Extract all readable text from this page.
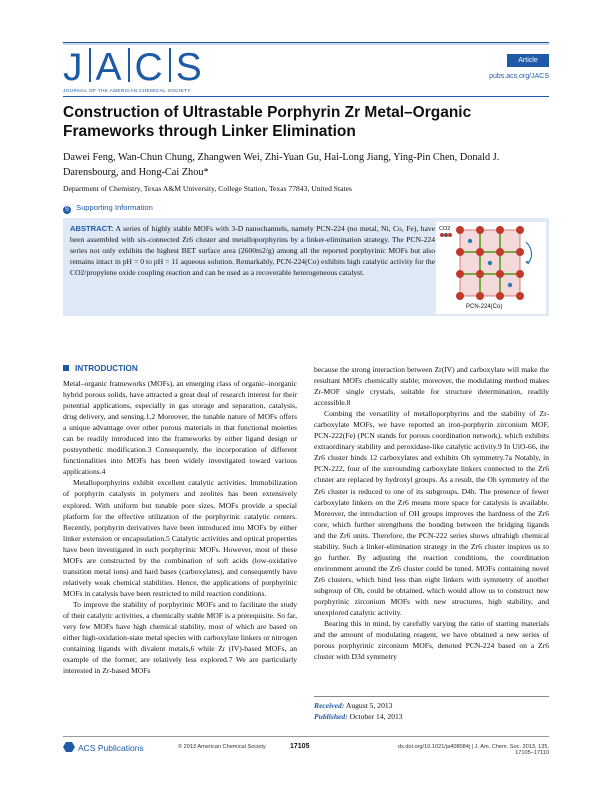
J A C S
JOURNAL OF THE AMERICAN CHEMICAL SOCIETY
Article
pubs.acs.org/JACS
Construction of Ultrastable Porphyrin Zr Metal–Organic Frameworks through Linker Elimination
Dawei Feng, Wan-Chun Chung, Zhangwen Wei, Zhi-Yuan Gu, Hai-Long Jiang, Ying-Pin Chen, Donald J. Darensbourg, and Hong-Cai Zhou*
Department of Chemistry, Texas A&M University, College Station, Texas 77843, United States
S Supporting Information
ABSTRACT: A series of highly stable MOFs with 3-D nanochannels, namely PCN-224 (no metal, Ni, Co, Fe), have been assembled with six-connected Zr6 cluster and metalloporphyrins by a linker-elimination strategy. The PCN-224 series not only exhibits the highest BET surface area (2600m2/g) among all the reported porphyrinic MOFs but also remains intact in pH = 0 to pH = 11 aqueous solution. Remarkably, PCN-224(Co) exhibits high catalytic activity for the CO2/propylene oxide coupling reaction and can be used as a recoverable heterogeneous catalyst.
CO2
PCN-224(Co)
INTRODUCTION

Metal–organic frameworks (MOFs), an emerging class of organic–inorganic hybrid porous solids, have attracted a great deal of research interest for their potential applications, especially in gas storage and separation, catalysis, drug delivery, and sensing.1,2 Moreover, the tunable nature of MOFs offers a unique advantage over other porous materials in that functional moieties can be readily introduced into the frameworks by either ligand design or postsynthetic modification.3 Consequently, the incorporation of different functionalities into MOFs has been widely investigated toward various applications.4

Metalloporphyrins exhibit excellent catalytic activities. Immobilization of porphyrin catalysts in polymers and zeolites has been extensively explored. With uniform but tunable pore sizes, MOFs provide a special platform for the effective utilization of the porphyrinic catalytic centers. Recently, porphyrin derivatives have been introduced into MOFs by either linker extension or encapsulation.5 Catalytic activities and optical properties have been investigated in such porphyrinic MOFs. However, most of these MOFs are constructed by the combination of soft acids (low-oxidative transition metal ions) and hard bases (carboxylates), and consequently have relatively weak chemical stabilities. Hence, the applications of porphyrinic MOFs in catalysis have been restricted to mild reaction conditions.

To improve the stability of porphyrinic MOFs and to facilitate the study of their catalytic activities, a chemically stable MOF is a prerequisite. So far, very few MOFs have high chemical stability, most of which are based on either high-oxidation-state metal species with carboxylate linkers or nitrogen containing ligands with divalent metals,6 while Zr (IV)-based MOFs, an example of the former, are relatively less explored.7 We are particularly interested in Zr-based MOFs

because the strong interaction between Zr(IV) and carboxylate will make the resultant MOFs chemically stable; moreover, the modulating method makes Zr-MOF single crystals, suitable for structure determination, readily accessible.8

Combing the versatility of metalloporphyrins and the stability of Zr-carboxylate MOFs, we have reported an iron-porphyrin zirconium MOF, PCN-222(Fe) (PCN stands for porous coordination network), which exhibits extraordinary stability and peroxidase-like catalytic activity.9 In UiO-66, the Zr6 cluster binds 12 carboxylates and exhibits Oh symmetry.7a Notably, in PCN-222, four of the surrounding carboxylate linkers connected to the Zr6 cluster are replaced by hydroxyl groups. As a result, the Oh symmetry of the Zr6 cluster is reduced to one of its subgroups, D4h. The presence of fewer carboxylate linkers on the Zr6 means more space for catalysis is available. Moreover, the introduction of OH groups improves the hardness of the Zr6 core, which further strengthens the bonding between the bridging ligands and the Zr6 units. Therefore, the PCN-222 series shows ultrahigh chemical stability. Such a linker-elimination strategy in the Zr6 cluster inspires us to go further. By adjusting the reaction conditions, the coordination environment around the Zr6 cluster could be tuned. MOFs containing novel Zr6 clusters, which bind less than eight linkers with symmetry of another subgroup of Oh, could be obtained, which would allow us to construct new porphyrinic zirconium MOFs with new structures, high stability, and unexplored catalytic activity.

Bearing this in mind, by carefully varying the ratio of starting materials and the amount of modulating reagent, we have obtained a new series of porous porphyrinic zirconium MOFs, denoted PCN-224 based on a Zr6 cluster with D3d symmetry

Received: August 5, 2013
Published: October 14, 2013
ACS Publications	© 2013 American Chemical Society	17105	dx.doi.org/10.1021/ja408084j | J. Am. Chem. Soc. 2013, 135, 17105–17110
